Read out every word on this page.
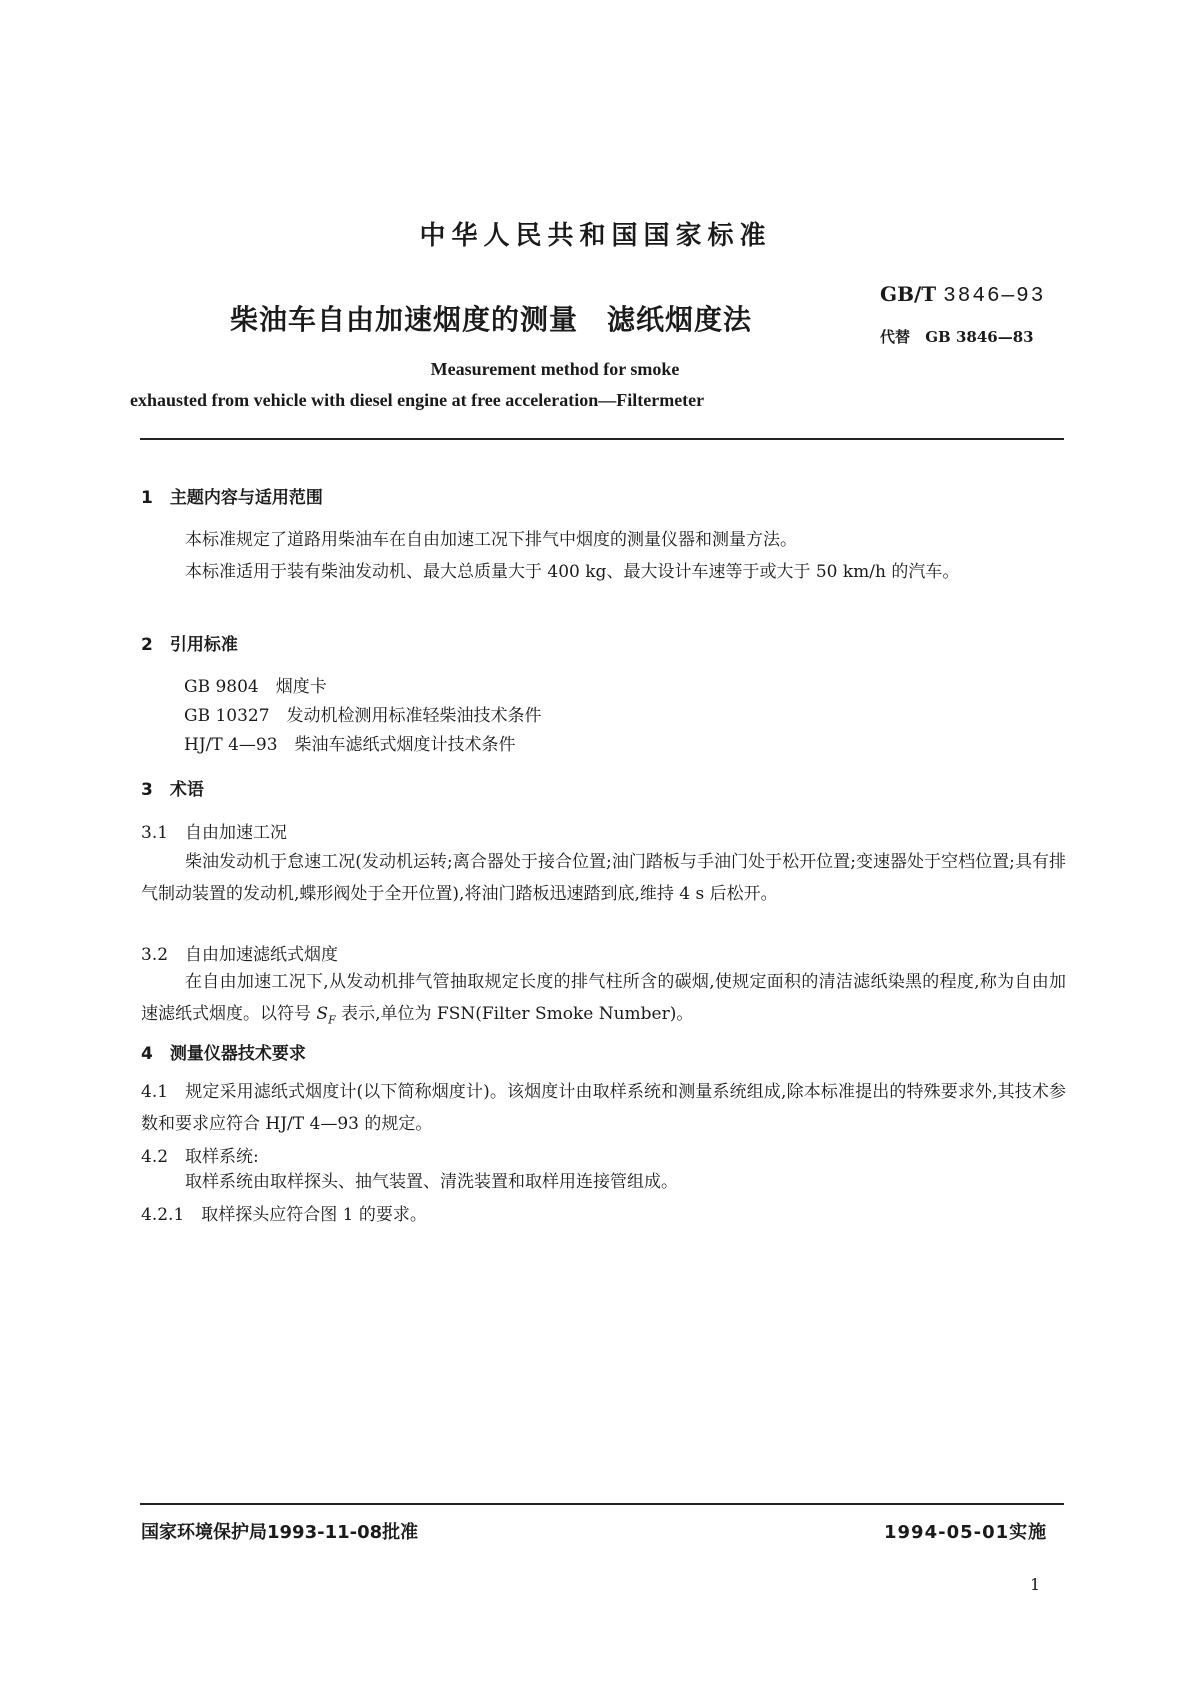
中华人民共和国国家标准
柴油车自由加速烟度的测量　滤纸烟度法
GB/T 3846—93
代替 GB 3846—83
Measurement method for smoke
exhausted from vehicle with diesel engine at free acceleration—Filtermeter
1　主题内容与适用范围
本标准规定了道路用柴油车在自由加速工况下排气中烟度的测量仪器和测量方法。
本标准适用于装有柴油发动机、最大总质量大于 400 kg、最大设计车速等于或大于 50 km/h 的汽车。
2　引用标准
GB 9804　烟度卡
GB 10327　发动机检测用标准轻柴油技术条件
HJ/T 4—93　柴油车滤纸式烟度计技术条件
3　术语
3.1　自由加速工况
柴油发动机于怠速工况(发动机运转;离合器处于接合位置;油门踏板与手油门处于松开位置;变速器处于空档位置;具有排气制动装置的发动机,蝶形阀处于全开位置),将油门踏板迅速踏到底,维持 4 s 后松开。
3.2　自由加速滤纸式烟度
在自由加速工况下,从发动机排气管抽取规定长度的排气柱所含的碳烟,使规定面积的清洁滤纸染黑的程度,称为自由加速滤纸式烟度。以符号 $S_F$ 表示,单位为 FSN(Filter Smoke Number)。
4　测量仪器技术要求
4.1　规定采用滤纸式烟度计(以下简称烟度计)。该烟度计由取样系统和测量系统组成,除本标准提出的特殊要求外,其技术参数和要求应符合 HJ/T 4—93 的规定。
4.2　取样系统:
取样系统由取样探头、抽气装置、清洗装置和取样用连接管组成。
4.2.1　取样探头应符合图 1 的要求。
国家环境保护局1993-11-08批准	1994-05-01实施
1
